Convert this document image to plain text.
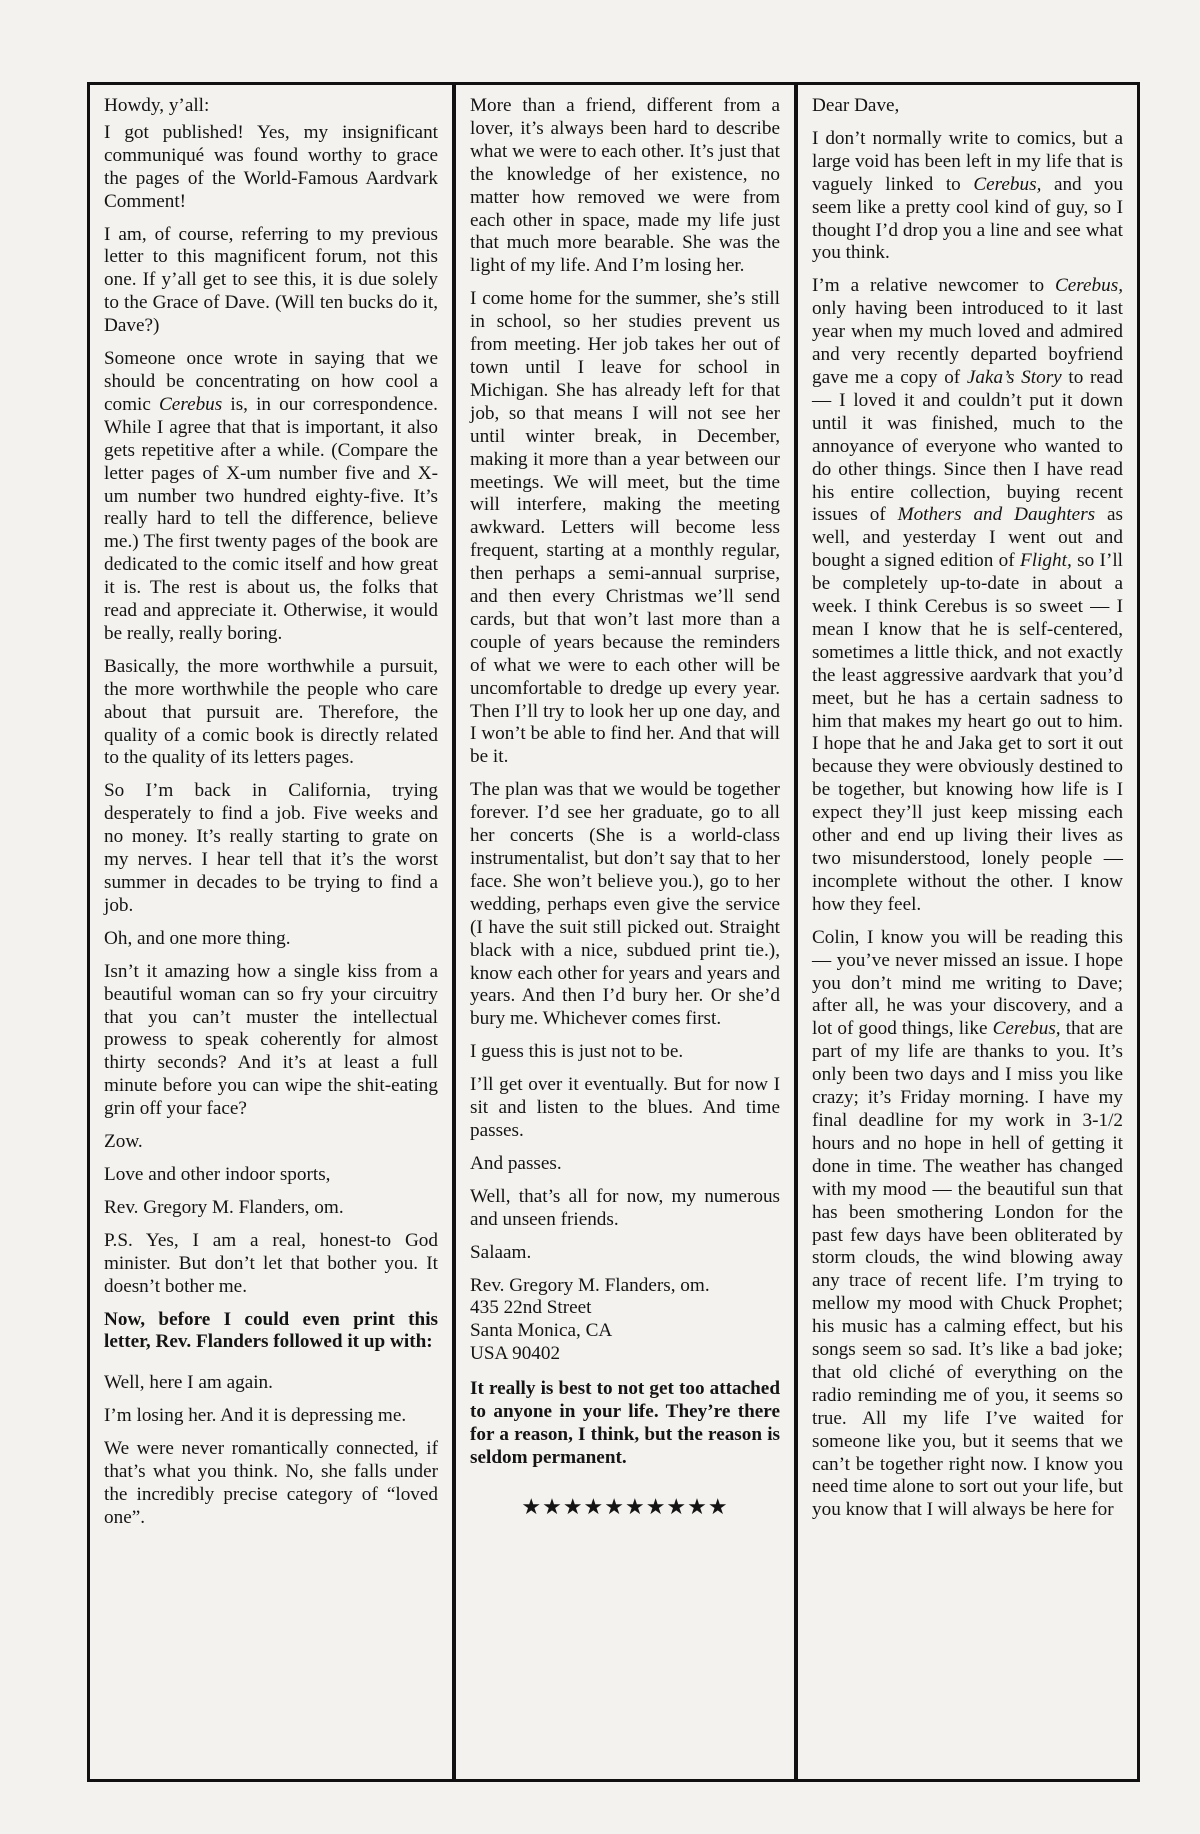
Howdy, y’all:

I got published! Yes, my insignificant communiqué was found worthy to grace the pages of the World-Famous Aardvark Comment!

I am, of course, referring to my previous letter to this magnificent forum, not this one. If y’all get to see this, it is due solely to the Grace of Dave. (Will ten bucks do it, Dave?)

Someone once wrote in saying that we should be concentrating on how cool a comic Cerebus is, in our correspondence. While I agree that that is important, it also gets repetitive after a while. (Compare the letter pages of X-um number five and X-um number two hundred eighty-five. It’s really hard to tell the difference, believe me.) The first twenty pages of the book are dedicated to the comic itself and how great it is. The rest is about us, the folks that read and appreciate it. Otherwise, it would be really, really boring.

Basically, the more worthwhile a pursuit, the more worthwhile the people who care about that pursuit are. Therefore, the quality of a comic book is directly related to the quality of its letters pages.

So I’m back in California, trying desperately to find a job. Five weeks and no money. It’s really starting to grate on my nerves. I hear tell that it’s the worst summer in decades to be trying to find a job.

Oh, and one more thing.

Isn’t it amazing how a single kiss from a beautiful woman can so fry your circuitry that you can’t muster the intellectual prowess to speak coherently for almost thirty seconds? And it’s at least a full minute before you can wipe the shit-eating grin off your face?

Zow.

Love and other indoor sports,

Rev. Gregory M. Flanders, om.

P.S. Yes, I am a real, honest-to God minister. But don’t let that bother you. It doesn’t bother me.

Now, before I could even print this letter, Rev. Flanders followed it up with:

Well, here I am again.

I’m losing her. And it is depressing me.

We were never romantically connected, if that’s what you think. No, she falls under the incredibly precise category of “loved one”.

More than a friend, different from a lover, it’s always been hard to describe what we were to each other. It’s just that the knowledge of her existence, no matter how removed we were from each other in space, made my life just that much more bearable. She was the light of my life. And I’m losing her.

I come home for the summer, she’s still in school, so her studies prevent us from meeting. Her job takes her out of town until I leave for school in Michigan. She has already left for that job, so that means I will not see her until winter break, in December, making it more than a year between our meetings. We will meet, but the time will interfere, making the meeting awkward. Letters will become less frequent, starting at a monthly regular, then perhaps a semi-annual surprise, and then every Christmas we’ll send cards, but that won’t last more than a couple of years because the reminders of what we were to each other will be uncomfortable to dredge up every year. Then I’ll try to look her up one day, and I won’t be able to find her. And that will be it.

The plan was that we would be together forever. I’d see her graduate, go to all her concerts (She is a world-class instrumentalist, but don’t say that to her face. She won’t believe you.), go to her wedding, perhaps even give the service (I have the suit still picked out. Straight black with a nice, subdued print tie.), know each other for years and years and years. And then I’d bury her. Or she’d bury me. Whichever comes first.

I guess this is just not to be.

I’ll get over it eventually. But for now I sit and listen to the blues. And time passes.

And passes.

Well, that’s all for now, my numerous and unseen friends.

Salaam.

Rev. Gregory M. Flanders, om.
435 22nd Street
Santa Monica, CA
USA 90402

It really is best to not get too attached to anyone in your life. They’re there for a reason, I think, but the reason is seldom permanent.

★★★★★★★★★★

Dear Dave,

I don’t normally write to comics, but a large void has been left in my life that is vaguely linked to Cerebus, and you seem like a pretty cool kind of guy, so I thought I’d drop you a line and see what you think.

I’m a relative newcomer to Cerebus, only having been introduced to it last year when my much loved and admired and very recently departed boyfriend gave me a copy of Jaka’s Story to read — I loved it and couldn’t put it down until it was finished, much to the annoyance of everyone who wanted to do other things. Since then I have read his entire collection, buying recent issues of Mothers and Daughters as well, and yesterday I went out and bought a signed edition of Flight, so I’ll be completely up-to-date in about a week. I think Cerebus is so sweet — I mean I know that he is self-centered, sometimes a little thick, and not exactly the least aggressive aardvark that you’d meet, but he has a certain sadness to him that makes my heart go out to him. I hope that he and Jaka get to sort it out because they were obviously destined to be together, but knowing how life is I expect they’ll just keep missing each other and end up living their lives as two misunderstood, lonely people — incomplete without the other. I know how they feel.

Colin, I know you will be reading this — you’ve never missed an issue. I hope you don’t mind me writing to Dave; after all, he was your discovery, and a lot of good things, like Cerebus, that are part of my life are thanks to you. It’s only been two days and I miss you like crazy; it’s Friday morning. I have my final deadline for my work in 3-1/2 hours and no hope in hell of getting it done in time. The weather has changed with my mood — the beautiful sun that has been smothering London for the past few days have been obliterated by storm clouds, the wind blowing away any trace of recent life. I’m trying to mellow my mood with Chuck Prophet; his music has a calming effect, but his songs seem so sad. It’s like a bad joke; that old cliché of everything on the radio reminding me of you, it seems so true. All my life I’ve waited for someone like you, but it seems that we can’t be together right now. I know you need time alone to sort out your life, but you know that I will always be here for
